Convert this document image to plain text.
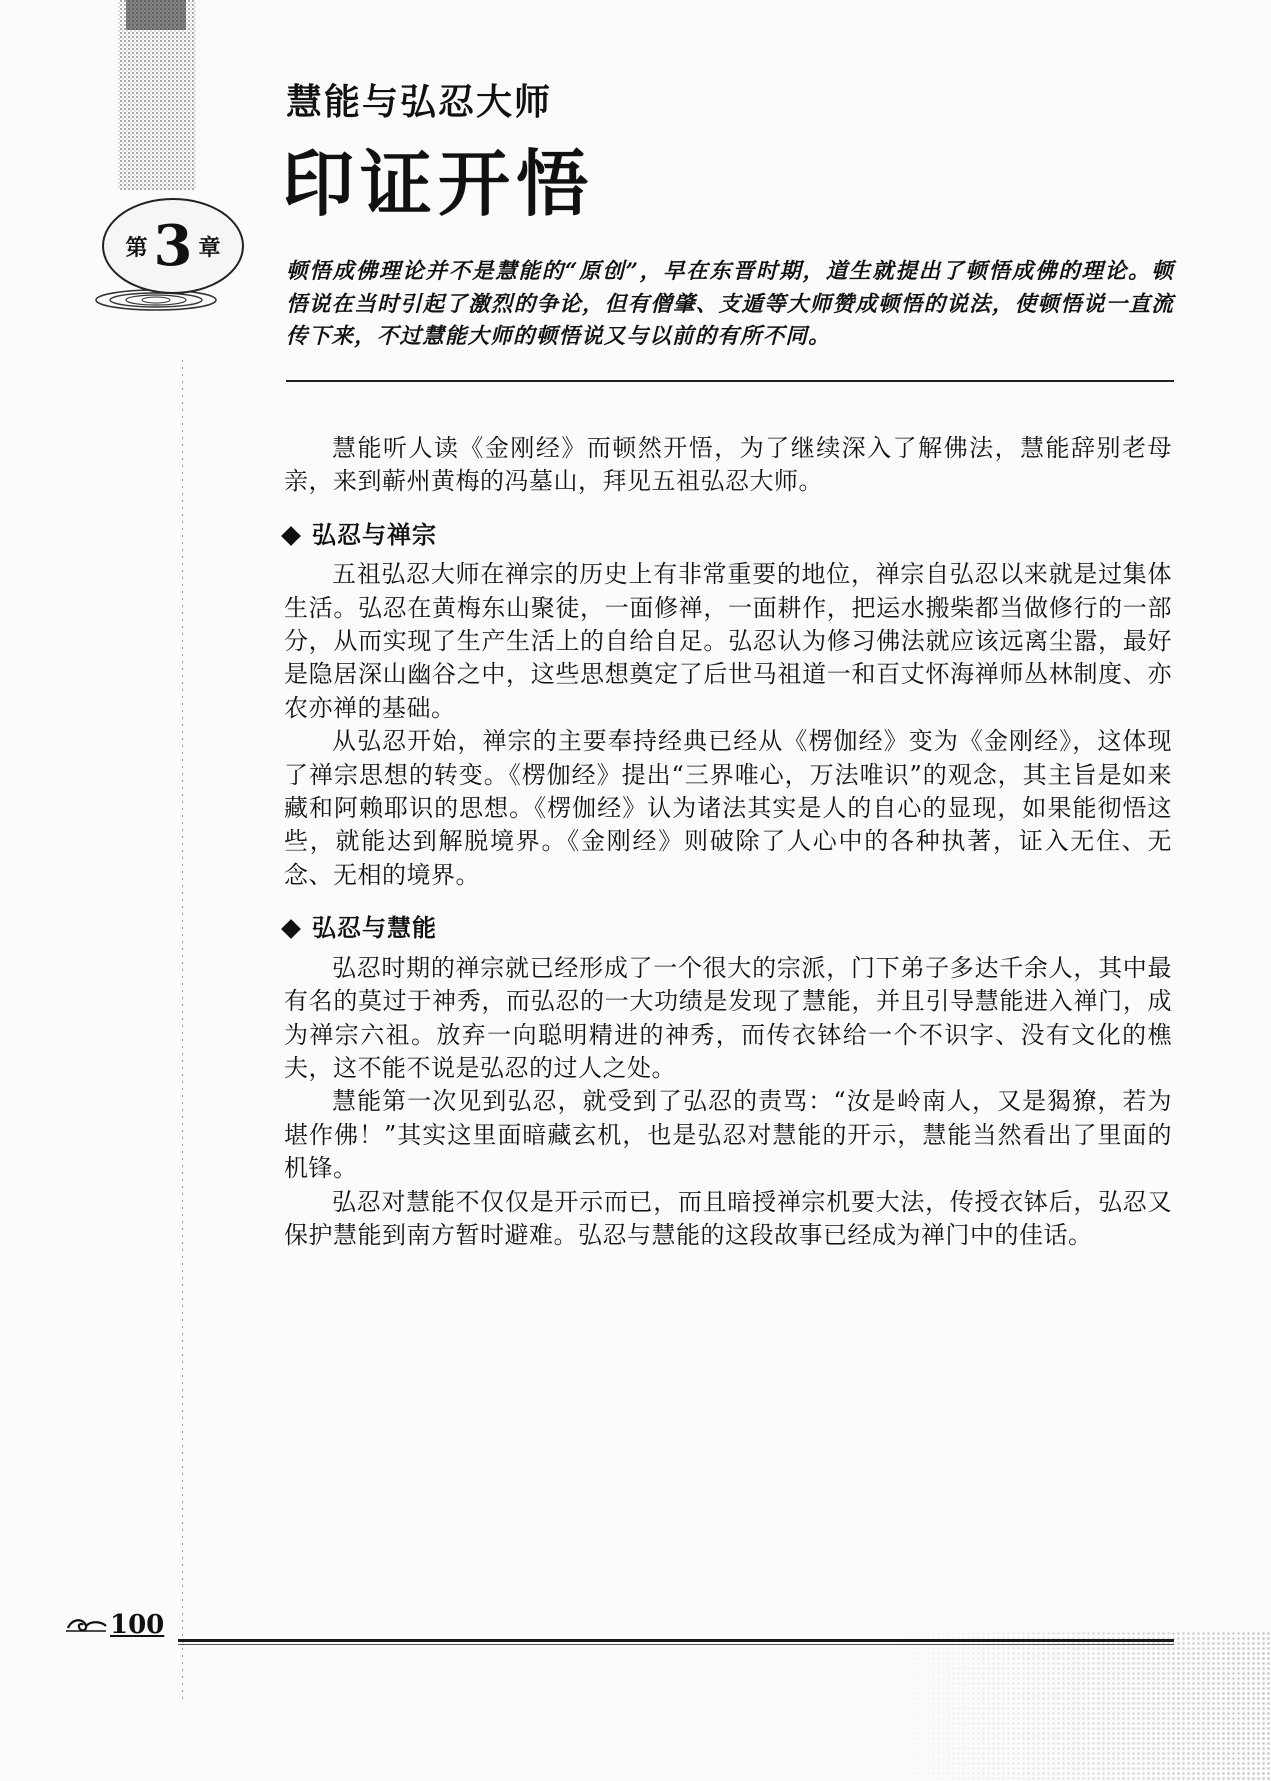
慧能与弘忍大师
印证开悟
第 3 章
顿悟成佛理论并不是慧能的“原创”，早在东晋时期，道生就提出了顿悟成佛的理论。顿悟说在当时引起了激烈的争论，但有僧肇、支遁等大师赞成顿悟的说法，使顿悟说一直流传下来，不过慧能大师的顿悟说又与以前的有所不同。

慧能听人读《金刚经》而顿然开悟，为了继续深入了解佛法，慧能辞别老母亲，来到蕲州黄梅的冯墓山，拜见五祖弘忍大师。

弘忍与禅宗

五祖弘忍大师在禅宗的历史上有非常重要的地位，禅宗自弘忍以来就是过集体生活。弘忍在黄梅东山聚徒，一面修禅，一面耕作，把运水搬柴都当做修行的一部分，从而实现了生产生活上的自给自足。弘忍认为修习佛法就应该远离尘嚣，最好是隐居深山幽谷之中，这些思想奠定了后世马祖道一和百丈怀海禅师丛林制度、亦农亦禅的基础。

从弘忍开始，禅宗的主要奉持经典已经从《楞伽经》变为《金刚经》，这体现了禅宗思想的转变。《楞伽经》提出“三界唯心，万法唯识”的观念，其主旨是如来藏和阿赖耶识的思想。《楞伽经》认为诸法其实是人的自心的显现，如果能彻悟这些，就能达到解脱境界。《金刚经》则破除了人心中的各种执著，证入无住、无念、无相的境界。

弘忍与慧能

弘忍时期的禅宗就已经形成了一个很大的宗派，门下弟子多达千余人，其中最有名的莫过于神秀，而弘忍的一大功绩是发现了慧能，并且引导慧能进入禅门，成为禅宗六祖。放弃一向聪明精进的神秀，而传衣钵给一个不识字、没有文化的樵夫，这不能不说是弘忍的过人之处。

慧能第一次见到弘忍，就受到了弘忍的责骂：“汝是岭南人，又是猲獠，若为堪作佛！”其实这里面暗藏玄机，也是弘忍对慧能的开示，慧能当然看出了里面的机锋。

弘忍对慧能不仅仅是开示而已，而且暗授禅宗机要大法，传授衣钵后，弘忍又保护慧能到南方暂时避难。弘忍与慧能的这段故事已经成为禅门中的佳话。

100
